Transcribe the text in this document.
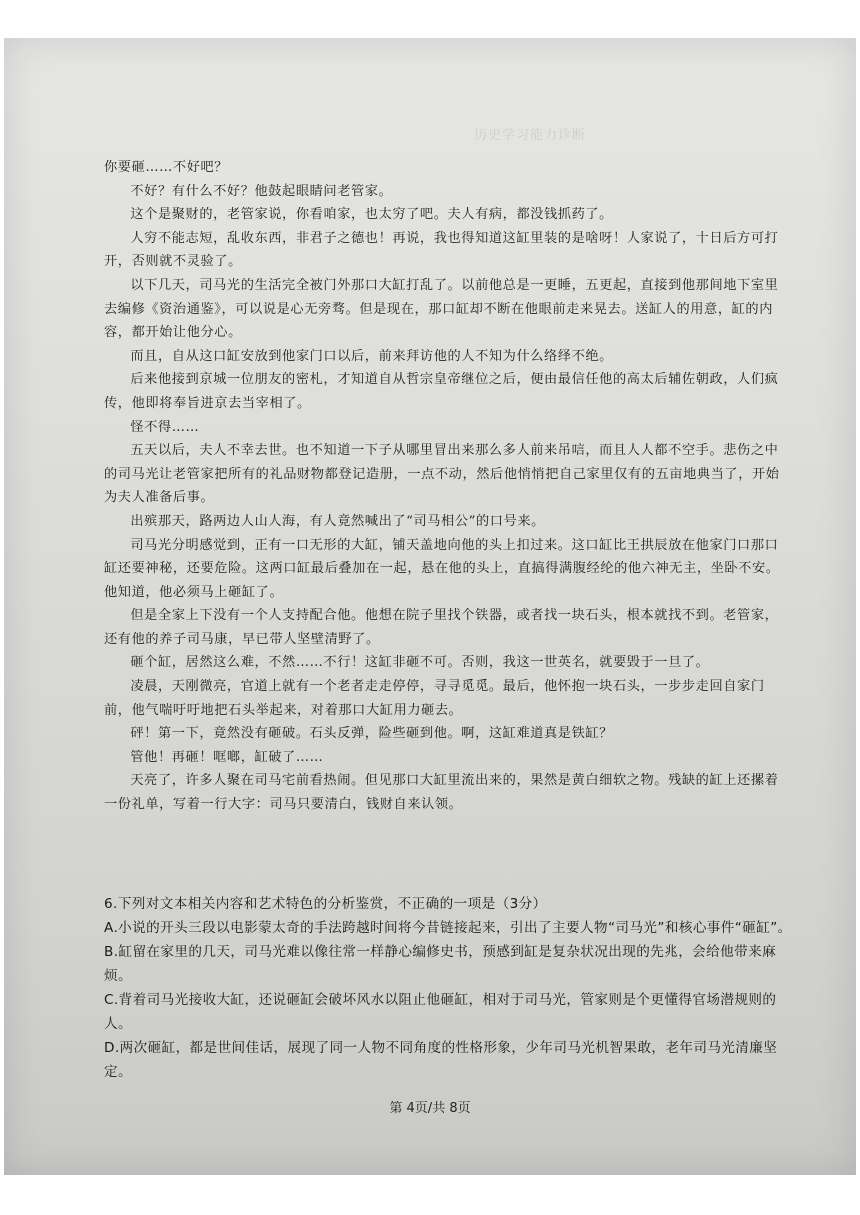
历史学习能力诊断

你要砸……不好吧？

不好？有什么不好？他鼓起眼睛问老管家。

这个是聚财的，老管家说，你看咱家，也太穷了吧。夫人有病，都没钱抓药了。

人穷不能志短，乱收东西，非君子之德也！再说，我也得知道这缸里装的是啥呀！人家说了，十日后方可打开，否则就不灵验了。

以下几天，司马光的生活完全被门外那口大缸打乱了。以前他总是一更睡，五更起，直接到他那间地下室里去编修《资治通鉴》，可以说是心无旁骛。但是现在，那口缸却不断在他眼前走来晃去。送缸人的用意，缸的内容，都开始让他分心。

而且，自从这口缸安放到他家门口以后，前来拜访他的人不知为什么络绎不绝。

后来他接到京城一位朋友的密札，才知道自从哲宗皇帝继位之后，便由最信任他的高太后辅佐朝政，人们疯传，他即将奉旨进京去当宰相了。

怪不得……

五天以后，夫人不幸去世。也不知道一下子从哪里冒出来那么多人前来吊唁，而且人人都不空手。悲伤之中的司马光让老管家把所有的礼品财物都登记造册，一点不动，然后他悄悄把自己家里仅有的五亩地典当了，开始为夫人准备后事。

出殡那天，路两边人山人海，有人竟然喊出了“司马相公”的口号来。

司马光分明感觉到，正有一口无形的大缸，铺天盖地向他的头上扣过来。这口缸比王拱辰放在他家门口那口缸还要神秘，还要危险。这两口缸最后叠加在一起，悬在他的头上，直搞得满腹经纶的他六神无主，坐卧不安。他知道，他必须马上砸缸了。

但是全家上下没有一个人支持配合他。他想在院子里找个铁器，或者找一块石头，根本就找不到。老管家，还有他的养子司马康，早已带人坚壁清野了。

砸个缸，居然这么难，不然……不行！这缸非砸不可。否则，我这一世英名，就要毁于一旦了。

凌晨，天刚微亮，官道上就有一个老者走走停停，寻寻觅觅。最后，他怀抱一块石头，一步步走回自家门前，他气喘吁吁地把石头举起来，对着那口大缸用力砸去。

砰！第一下，竟然没有砸破。石头反弹，险些砸到他。啊，这缸难道真是铁缸？

管他！再砸！哐啷，缸破了……

天亮了，许多人聚在司马宅前看热闹。但见那口大缸里流出来的，果然是黄白细软之物。残缺的缸上还摞着一份礼单，写着一行大字：司马只要清白，钱财自来认领。

6.下列对文本相关内容和艺术特色的分析鉴赏，不正确的一项是（3分）

A.小说的开头三段以电影蒙太奇的手法跨越时间将今昔链接起来，引出了主要人物“司马光”和核心事件“砸缸”。

B.缸留在家里的几天，司马光难以像往常一样静心编修史书，预感到缸是复杂状况出现的先兆，会给他带来麻烦。

C.背着司马光接收大缸，还说砸缸会破坏风水以阻止他砸缸，相对于司马光，管家则是个更懂得官场潜规则的人。

D.两次砸缸，都是世间佳话，展现了同一人物不同角度的性格形象，少年司马光机智果敢，老年司马光清廉坚定。

第 4页/共 8页
